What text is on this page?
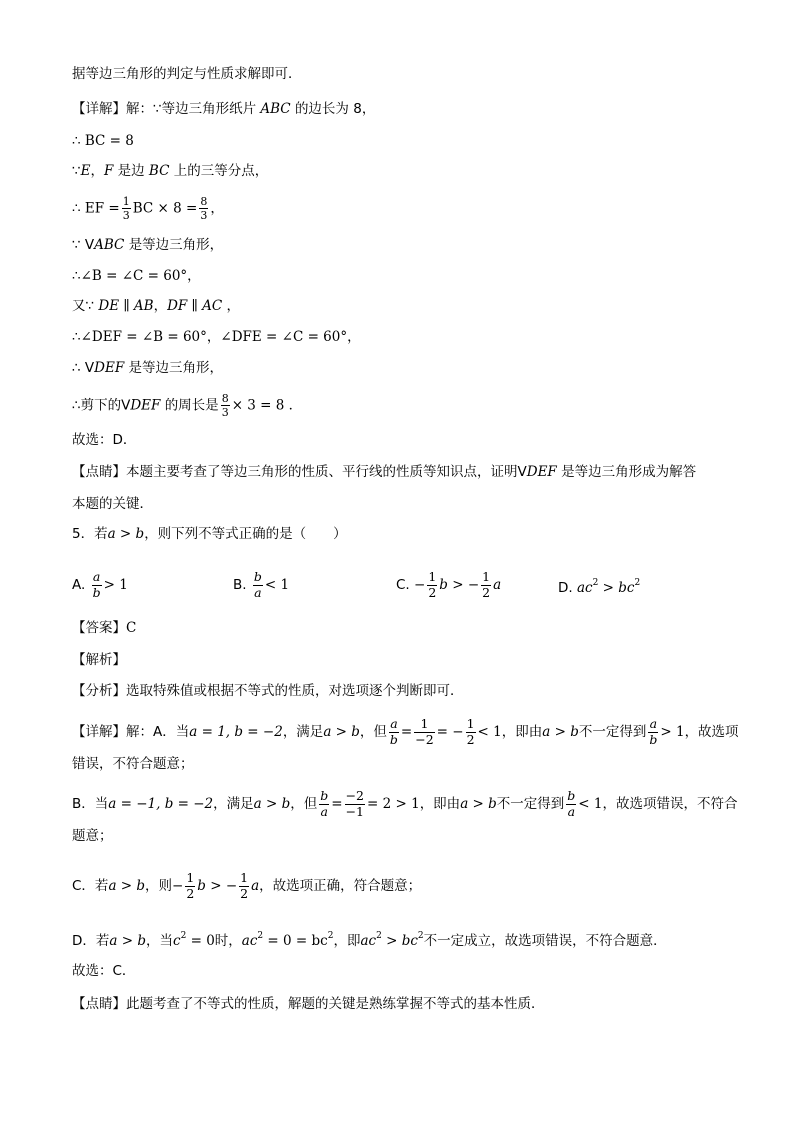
据等边三角形的判定与性质求解即可．
【详解】解：∵等边三角形纸片 ABC 的边长为 8，
∴ BC = 8
∵E，F 是边 BC 上的三等分点，
∴ EF = $\frac{1}{3}$ BC × $8 = \frac{8}{3}$ ，
∵ VABC 是等边三角形，
∴∠B = ∠C = 60°，
又∵ DE ∥ AB，DF ∥ AC ，
∴∠DEF = ∠B = 60°，∠DFE = ∠C = 60°，
∴ VDEF 是等边三角形，
∴剪下的VDEF 的周长是 $\frac{8}{3} \times 3 = 8$ ．
故选：D．
【点睛】本题主要考查了等边三角形的性质、平行线的性质等知识点，证明VDEF 是等边三角形成为解答
本题的关键．
5．若a > b，则下列不等式正确的是（　　）
A. $\frac{a}{b} > 1$	B. $\frac{b}{a} < 1$	C. − $\frac{1}{2}$ b > − $\frac{1}{2}$ a	D. $ac^2 > bc^2$
【答案】C
【解析】
【分析】选取特殊值或根据不等式的性质，对选项逐个判断即可．
【详解】解：A．当a = 1, b = −2，满足a > b，但 $\frac{a}{b} = \frac{1}{-2}$ = − $\frac{1}{2} < 1$，即由a > b不一定得到 $\frac{a}{b} > 1$，故选项
错误，不符合题意；
B．当a = −1, b = −2，满足a > b，但 $\frac{b}{a} = \frac{-2}{-1} = 2 > 1$，即由a > b不一定得到 $\frac{b}{a} < 1$，故选项错误，不符合
题意；
C．若a > b，则− $\frac{1}{2}$ b > − $\frac{1}{2}$ a，故选项正确，符合题意；
D．若a > b，当$c^2 = 0$时，$ac^2 = 0 = bc^2$，即$ac^2 > bc^2$不一定成立，故选项错误，不符合题意．
故选：C．
【点睛】此题考查了不等式的性质，解题的关键是熟练掌握不等式的基本性质．
